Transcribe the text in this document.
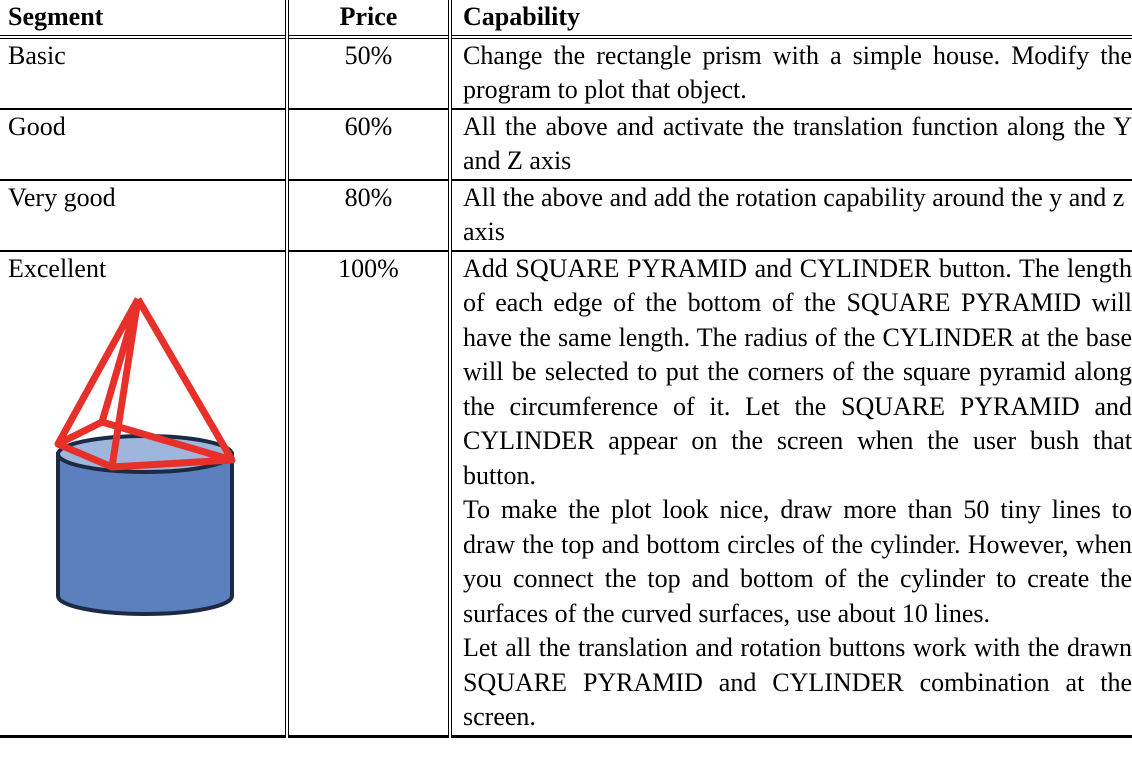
Segment	Price	Capability
Basic	50%	Change the rectangle prism with a simple house. Modify the program to plot that object.
Good	60%	All the above and activate the translation function along the Y and Z axis
Very good	80%	All the above and add the rotation capability around the y and z axis

Excellent	100%	Add SQUARE PYRAMID and CYLINDER button. The length of each edge of the bottom of the SQUARE PYRAMID will have the same length. The radius of the CYLINDER at the base will be selected to put the corners of the square pyramid along the circumference of it. Let the SQUARE PYRAMID and CYLINDER appear on the screen when the user bush that button.
To make the plot look nice, draw more than 50 tiny lines to draw the top and bottom circles of the cylinder. However, when you connect the top and bottom of the cylinder to create the surfaces of the curved surfaces, use about 10 lines.
Let all the translation and rotation buttons work with the drawn SQUARE PYRAMID and CYLINDER combination at the screen.
